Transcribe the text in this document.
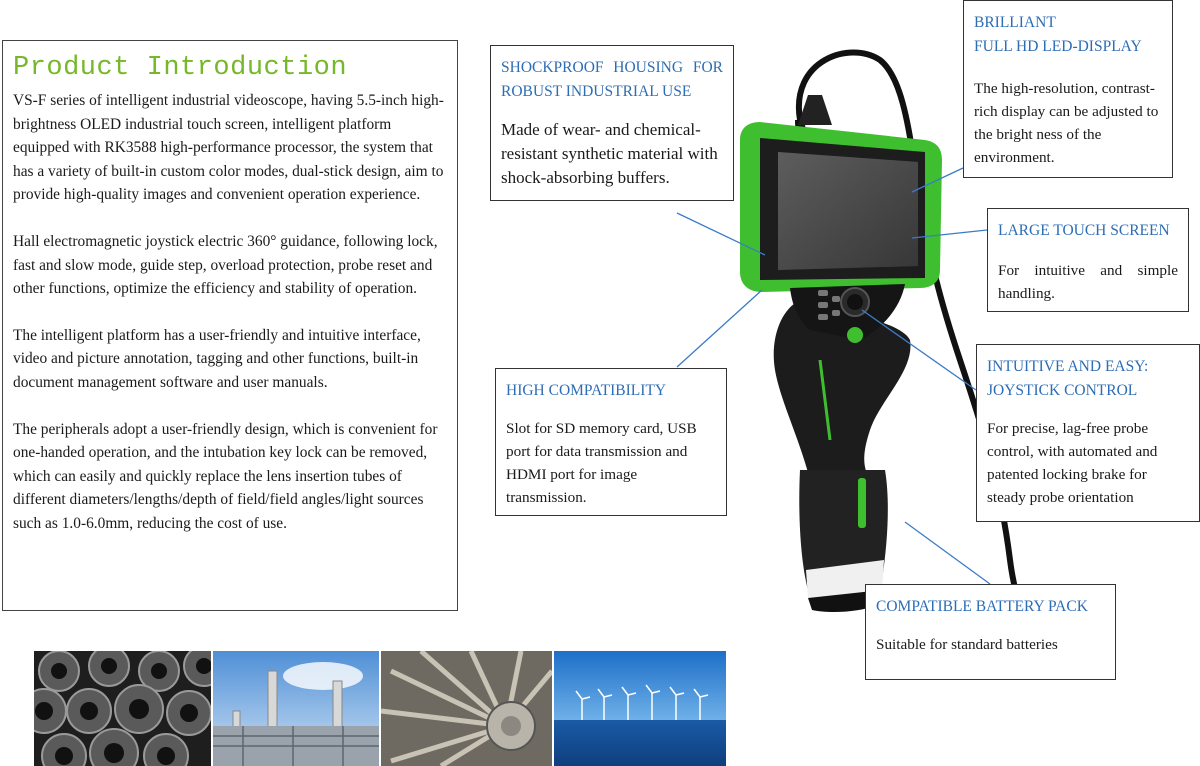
Product Introduction

VS-F series of intelligent industrial videoscope, having 5.5-inch high-brightness OLED industrial touch screen, intelligent platform equipped with RK3588 high-performance processor, the system that has a variety of built-in custom color modes, dual-stick design, aim to provide high-quality images and convenient operation experience.

Hall electromagnetic joystick electric 360° guidance, following lock, fast and slow mode, guide step, overload protection, probe reset and other functions, optimize the efficiency and stability of operation.

The intelligent platform has a user-friendly and intuitive interface, video and picture annotation, tagging and other functions, built-in document management software and user manuals.

The peripherals adopt a user-friendly design, which is convenient for one-handed operation, and the intubation key lock can be removed, which can easily and quickly replace the lens insertion tubes of different diameters/lengths/depth of field/field angles/light sources such as 1.0-6.0mm, reducing the cost of use.

SHOCKPROOF HOUSING FOR ROBUST INDUSTRIAL USE
Made of wear- and chemical-resistant synthetic material with shock-absorbing buffers.
BRILLIANT
FULL HD LED-DISPLAY
The high-resolution, contrast-rich display can be adjusted to the bright ness of the environment.
LARGE TOUCH SCREEN
For intuitive and simple handling.
INTUITIVE AND EASY:
JOYSTICK CONTROL
For precise, lag-free probe control, with automated and patented locking brake for steady probe orientation
HIGH COMPATIBILITY
Slot for SD memory card, USB port for data transmission and HDMI port for image transmission.
COMPATIBLE BATTERY PACK
Suitable for standard batteries
